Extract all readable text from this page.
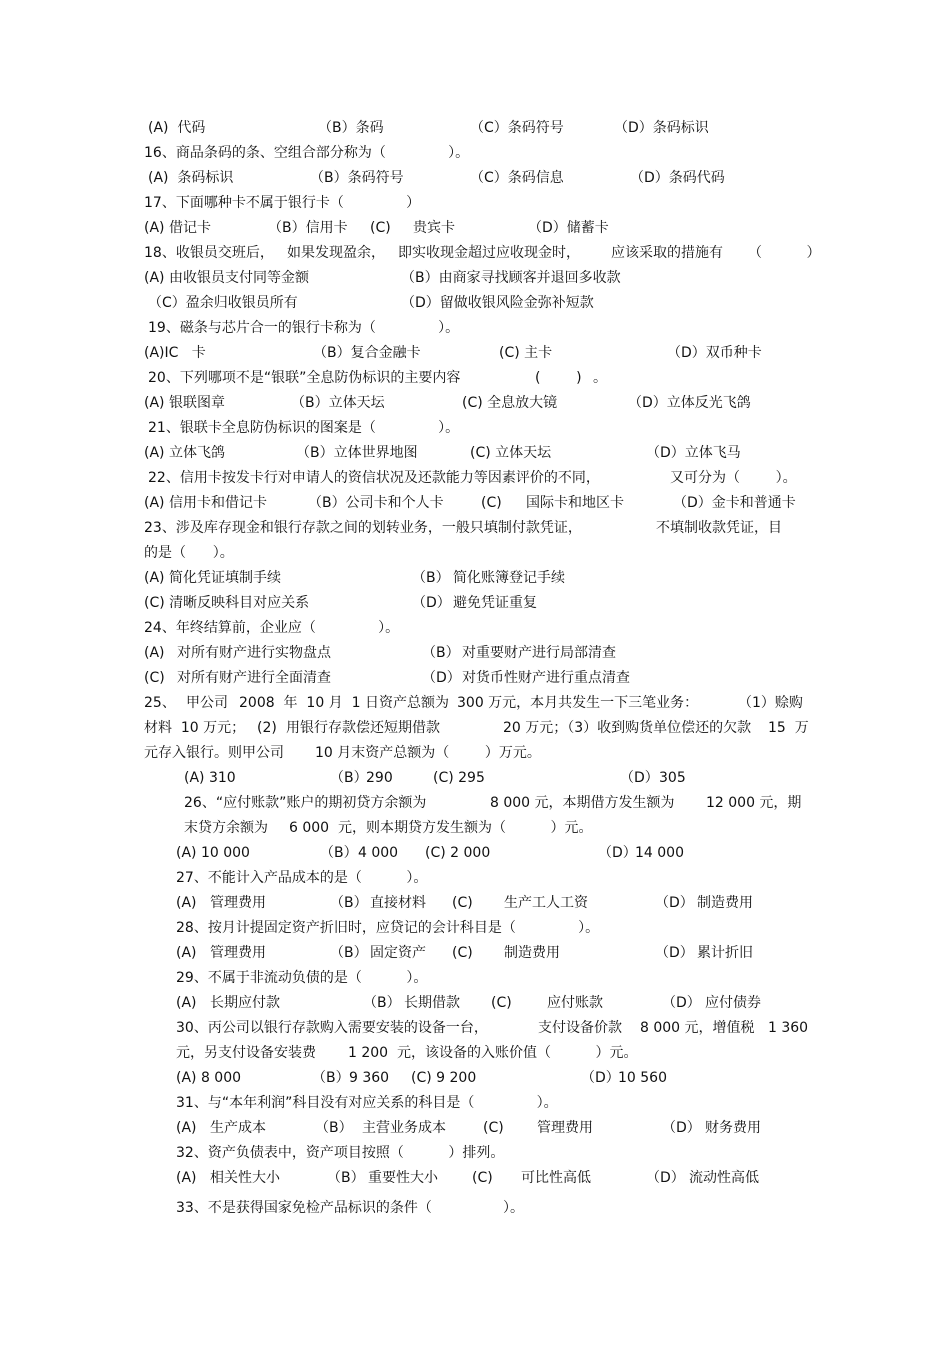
(A)  代码	（B）条码	（C）条码符号	（D）条码标识
16、商品条码的条、空组合部分称为（              ）。
(A)  条码标识	（B）条码符号	（C）条码信息	（D）条码代码
17、下面哪种卡不属于银行卡（              ）
(A) 借记卡	（B）信用卡 (C) 贵宾卡	（D）储蓄卡
18、收银员交班后， 如果发现盈余， 即实收现金超过应收现金时， 应该采取的措施有 （          ）
(A) 由收银员支付同等金额	（B）由商家寻找顾客并退回多收款
（C）盈余归收银员所有	（D）留做收银风险金弥补短款
19、磁条与芯片合一的银行卡称为（              ）。
(A)IC   卡	（B）复合金融卡	(C) 主卡	（D）双币种卡
20、下列哪项不是“银联”全息防伪标识的主要内容	(        ) 。
(A) 银联图章	（B）立体天坛	(C) 全息放大镜	（D）立体反光飞鸽
21、银联卡全息防伪标识的图案是（              ）。
(A) 立体飞鸽	（B）立体世界地图	(C) 立体天坛	（D）立体飞马
22、信用卡按发卡行对申请人的资信状况及还款能力等因素评价的不同，	又可分为（        ）。
(A) 信用卡和借记卡	（B）公司卡和个人卡	(C) 国际卡和地区卡	（D）金卡和普通卡
23、涉及库存现金和银行存款之间的划转业务，一般只填制付款凭证，	不填制收款凭证，目
的是（      ）。
(A) 简化凭证填制手续	（B） 简化账簿登记手续
(C) 清晰反映科目对应关系	（D） 避免凭证重复
24、年终结算前，企业应（              ）。
(A) 对所有财产进行实物盘点	（B） 对重要财产进行局部清查
(C) 对所有财产进行全面清查	（D） 对货币性财产进行重点清查
25、 甲公司 2008  年  10 月  1 日资产总额为 300 万元，本月共发生一下三笔业务：	（1）赊购
材料  10 万元； (2) 用银行存款偿还短期借款	20 万元；（3）收到购货单位偿还的欠款 15  万
元存入银行。则甲公司 10 月末资产总额为（        ）万元。
(A) 310	（B）
290	(C) 295	（D） 305
26、“应付账款”账户的期初贷方余额为	8 000 元，本期借方发生额为 12 000 元，期
末贷方余额为 6 000  元，则本期贷方发生额为（          ）元。
(A) 10 000	（B） 4 000 (C) 2 000	（D）
14 000
27、不能计入产品成本的是（          ）。
(A) 管理费用	（B） 直接材料 (C) 生产工人工资	（D） 制造费用
28、按月计提固定资产折旧时，应贷记的会计科目是（              ）。
(A) 管理费用	（B） 固定资产 (C) 制造费用	（D） 累计折旧
29、不属于非流动负债的是（          ）。
(A) 长期应付款	（B） 长期借款 (C)	应付账款	（D） 应付债券
30、丙公司以银行存款购入需要安装的设备一台，	支付设备价款 8 000 元，增值税 1 360
元，另支付设备安装费 1 200  元，该设备的入账价值（          ）元。
(A) 8 000	（B） 9 360 (C) 9 200	（D）
10 560
31、与“本年利润”科目没有对应关系的科目是（              ）。
(A) 生产成本	（B） 主营业务成本	(C) 管理费用	（D） 财务费用
32、资产负债表中，资产项目按照（          ）排列。
(A) 相关性大小	（B） 重要性大小 (C) 可比性高低	（D） 流动性高低
33、不是获得国家免检产品标识的条件（                ）。
